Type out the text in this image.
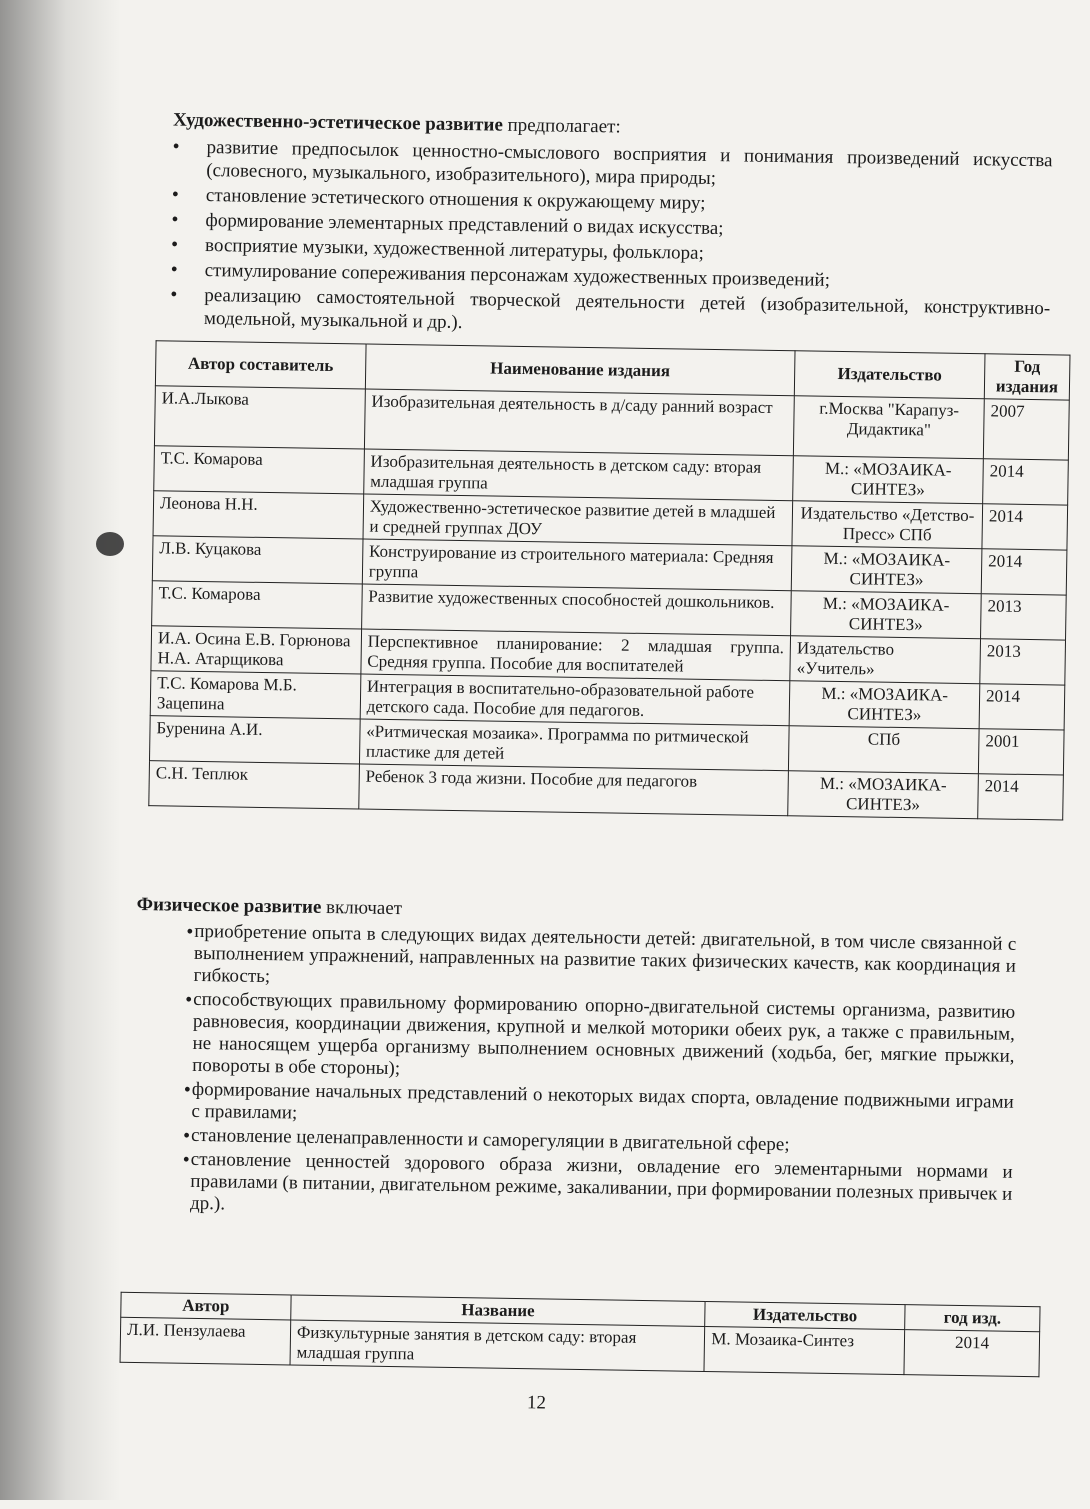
Художественно-эстетическое развитие предполагает:
• развитие предпосылок ценностно-смыслового восприятия и понимания произведений искусства (словесного, музыкального, изобразительного), мира природы;
• становление эстетического отношения к окружающему миру;
• формирование элементарных представлений о видах искусства;
• восприятие музыки, художественной литературы, фольклора;
• стимулирование сопереживания персонажам художественных произведений;
• реализацию самостоятельной творческой деятельности детей (изобразительной, конструктивно-модельной, музыкальной и др.).
Автор составитель	Наименование издания	Издательство	Год издания
И.А.Лыкова	Изобразительная деятельность в д/саду ранний возраст	г.Москва "Карапуз-Дидактика"	2007
Т.С. Комарова	Изобразительная деятельность в детском саду: вторая младшая группа	М.: «МОЗАИКА-СИНТЕЗ»	2014
Леонова Н.Н.	Художественно-эстетическое развитие детей в младшей и средней группах ДОУ	Издательство «Детство-Пресс» СПб	2014
Л.В. Куцакова	Конструирование из строительного материала: Средняя группа	М.: «МОЗАИКА-СИНТЕЗ»	2014
Т.С. Комарова	Развитие художественных способностей дошкольников.	М.: «МОЗАИКА-СИНТЕЗ»	2013
И.А. Осина Е.В. Горюнова Н.А. Атарщикова	Перспективное планирование: 2 младшая группа. Средняя группа. Пособие для воспитателей	Издательство «Учитель»	2013
Т.С. Комарова М.Б. Зацепина	Интеграция в воспитательно-образовательной работе детского сада. Пособие для педагогов.	М.: «МОЗАИКА-СИНТЕЗ»	2014
Буренина А.И.	«Ритмическая мозаика». Программа по ритмической пластике для детей	СПб	2001
С.Н. Теплюк	Ребенок 3 года жизни. Пособие для педагогов	М.: «МОЗАИКА-СИНТЕЗ»	2014
Физическое развитие включает
• приобретение опыта в следующих видах деятельности детей: двигательной, в том числе связанной с выполнением упражнений, направленных на развитие таких физических качеств, как координация и гибкость;
• способствующих правильному формированию опорно-двигательной системы организма, развитию равновесия, координации движения, крупной и мелкой моторики обеих рук, а также с правильным, не наносящем ущерба организму выполнением основных движений (ходьба, бег, мягкие прыжки, повороты в обе стороны);
• формирование начальных представлений о некоторых видах спорта, овладение подвижными играми с правилами;
• становление целенаправленности и саморегуляции в двигательной сфере;
• становление ценностей здорового образа жизни, овладение его элементарными нормами и правилами (в питании, двигательном режиме, закаливании, при формировании полезных привычек и др.).
Автор	Название	Издательство	год изд.
Л.И. Пензулаева	Физкультурные занятия в детском саду: вторая младшая группа	М. Мозаика-Синтез	2014
12
